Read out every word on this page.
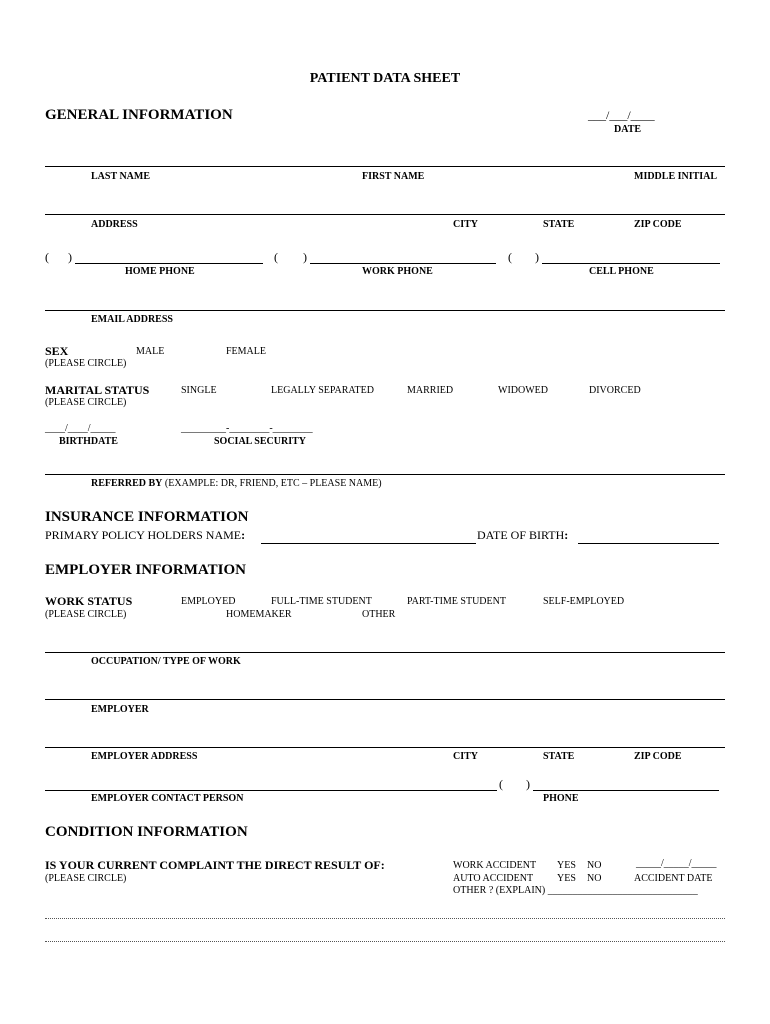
PATIENT DATA SHEET
GENERAL INFORMATION	___/___/____
DATE
LAST NAME	FIRST NAME	MIDDLE INITIAL
ADDRESS	CITY	STATE	ZIP CODE
( )	( )	( )
HOME PHONE	WORK PHONE	CELL PHONE
EMAIL ADDRESS
SEX	MALE	FEMALE
(PLEASE CIRCLE)
MARITAL STATUS	SINGLE	LEGALLY SEPARATED	MARRIED	WIDOWED	DIVORCED
(PLEASE CIRCLE)
____/____/_____
BIRTHDATE
_________-________-________
SOCIAL SECURITY
REFERRED BY (EXAMPLE: DR, FRIEND, ETC – PLEASE NAME)
INSURANCE INFORMATION
PRIMARY POLICY HOLDERS NAME:	DATE OF BIRTH:
EMPLOYER INFORMATION
WORK STATUS
(PLEASE CIRCLE)
EMPLOYED	FULL-TIME STUDENT	PART-TIME STUDENT	SELF-EMPLOYED
HOMEMAKER	OTHER
OCCUPATION/ TYPE OF WORK
EMPLOYER
EMPLOYER ADDRESS	CITY	STATE	ZIP CODE
( )
EMPLOYER CONTACT PERSON	PHONE
CONDITION INFORMATION
IS YOUR CURRENT COMPLAINT THE DIRECT RESULT OF:
(PLEASE CIRCLE)
WORK ACCIDENT YES NO
AUTO ACCIDENT YES NO
OTHER ? (EXPLAIN) ______________________________
_____/_____/_____
ACCIDENT DATE
